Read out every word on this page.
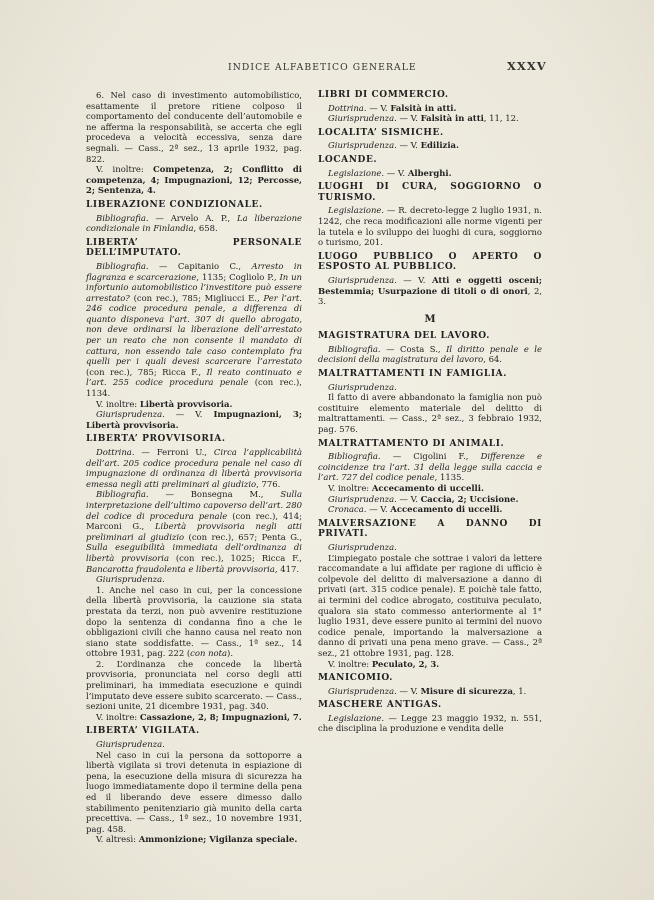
INDICE ALFABETICO GENERALE	XXXV

6. Nel caso di investimento automobilistico, esattamente il pretore ritiene colposo il comportamento del conducente dell’automobile e ne afferma la responsabilità, se accerta che egli procedeva a velocità eccessiva, senza dare segnali. — Cass., 2ª sez., 13 aprile 1932, pag. 822.

V. inoltre: Competenza, 2; Conflitto di competenza, 4; Impugnazioni, 12; Percosse, 2; Sentenza, 4.

LIBERAZIONE CONDIZIONALE.

Bibliografia. — Arvelo A. P., La liberazione condizionale in Finlandia, 658.

LIBERTA’ PERSONALE DELL’IMPUTATO.

Bibliografia. — Capitanio C., Arresto in flagranza e scarcerazione, 1135; Cogliolo P., In un infortunio automobilistico l’investitore può essere arrestato? (con rec.), 785; Migliucci E., Per l’art. 246 codice procedura penale, a differenza di quanto disponeva l’art. 307 di quello abrogato, non deve ordinarsi la liberazione dell’arrestato per un reato che non consente il mandato di cattura, non essendo tale caso contemplato fra quelli per i quali devesi scarcerare l’arrestato (con rec.), 785; Ricca F., Il reato continuato e l’art. 255 codice procedura penale (con rec.), 1134.

V. inoltre: Libertà provvisoria.

Giurisprudenza. — V. Impugnazioni, 3; Libertà provvisoria.

LIBERTA’ PROVVISORIA.

Dottrina. — Ferroni U., Circa l’applicabilità dell’art. 205 codice procedura penale nel caso di impugnazione di ordinanza di libertà provvisoria emessa negli atti preliminari al giudizio, 776.

Bibliografia. — Bonsegna M., Sulla interpretazione dell’ultimo capoverso dell’art. 280 del codice di procedura penale (con rec.), 414; Marconi G., Libertà provvisoria negli atti preliminari al giudizio (con rec.), 657; Penta G., Sulla eseguibilità immediata dell’ordinanza di libertà provvisoria (con rec.), 1025; Ricca F., Bancarotta fraudolenta e libertà provvisoria, 417.

Giurisprudenza.

1. Anche nel caso in cui, per la concessione della libertà provvisoria, la cauzione sia stata prestata da terzi, non può avvenire restituzione dopo la sentenza di condanna fino a che le obbligazioni civili che hanno causa nel reato non siano state soddisfatte. — Cass., 1ª sez., 14 ottobre 1931, pag. 222 (con nota).

2. L’ordinanza che concede la libertà provvisoria, pronunciata nel corso degli atti preliminari, ha immediata esecuzione e quindi l’imputato deve essere subito scarcerato. — Cass., sezioni unite, 21 dicembre 1931, pag. 340.

V. inoltre: Cassazione, 2, 8; Impugnazioni, 7.

LIBERTA’ VIGILATA.

Giurisprudenza.

Nel caso in cui la persona da sottoporre a libertà vigilata si trovi detenuta in espiazione di pena, la esecuzione della misura di sicurezza ha luogo immediatamente dopo il termine della pena ed il liberando deve essere dimesso dallo stabilimento penitenziario già munito della carta precettiva. — Cass., 1ª sez., 10 novembre 1931, pag. 458.

V. altresì: Ammonizione; Vigilanza speciale.

LIBRI DI COMMERCIO.

Dottrina. — V. Falsità in atti.

Giurisprudenza. — V. Falsità in atti, 11, 12.

LOCALITA’ SISMICHE.

Giurisprudenza. — V. Edilizia.

LOCANDE.

Legislazione. — V. Alberghi.

LUOGHI DI CURA, SOGGIORNO O TURISMO.

Legislazione. — R. decreto-legge 2 luglio 1931, n. 1242, che reca modificazioni alle norme vigenti per la tutela e lo sviluppo dei luoghi di cura, soggiorno o turismo, 201.

LUOGO PUBBLICO O APERTO O ESPOSTO AL PUBBLICO.

Giurisprudenza. — V. Atti e oggetti osceni; Bestemmia; Usurpazione di titoli o di onori, 2, 3.

M

MAGISTRATURA DEL LAVORO.

Bibliografia. — Costa S., Il diritto penale e le decisioni della magistratura del lavoro, 64.

MALTRATTAMENTI IN FAMIGLIA.

Giurisprudenza.

Il fatto di avere abbandonato la famiglia non può costituire elemento materiale del delitto di maltrattamenti. — Cass., 2ª sez., 3 febbraio 1932, pag. 576.

MALTRATTAMENTO DI ANIMALI.

Bibliografia. — Cigolini F., Differenze e coincidenze tra l’art. 31 della legge sulla caccia e l’art. 727 del codice penale, 1135.

V. inoltre: Accecamento di uccelli.

Giurisprudenza. — V. Caccia, 2; Uccisione.

Cronaca. — V. Accecamento di uccelli.

MALVERSAZIONE A DANNO DI PRIVATI.

Giurisprudenza.

L’impiegato postale che sottrae i valori da lettere raccomandate a lui affidate per ragione di ufficio è colpevole del delitto di malversazione a danno di privati (art. 315 codice penale). E poichè tale fatto, ai termini del codice abrogato, costituiva peculato, qualora sia stato commesso anteriormente al 1° luglio 1931, deve essere punito ai termini del nuovo codice penale, importando la malversazione a danno di privati una pena meno grave. — Cass., 2ª sez., 21 ottobre 1931, pag. 128.

V. inoltre: Peculato, 2, 3.

MANICOMIO.

Giurisprudenza. — V. Misure di sicurezza, 1.

MASCHERE ANTIGAS.

Legislazione. — Legge 23 maggio 1932, n. 551, che disciplina la produzione e vendita delle
